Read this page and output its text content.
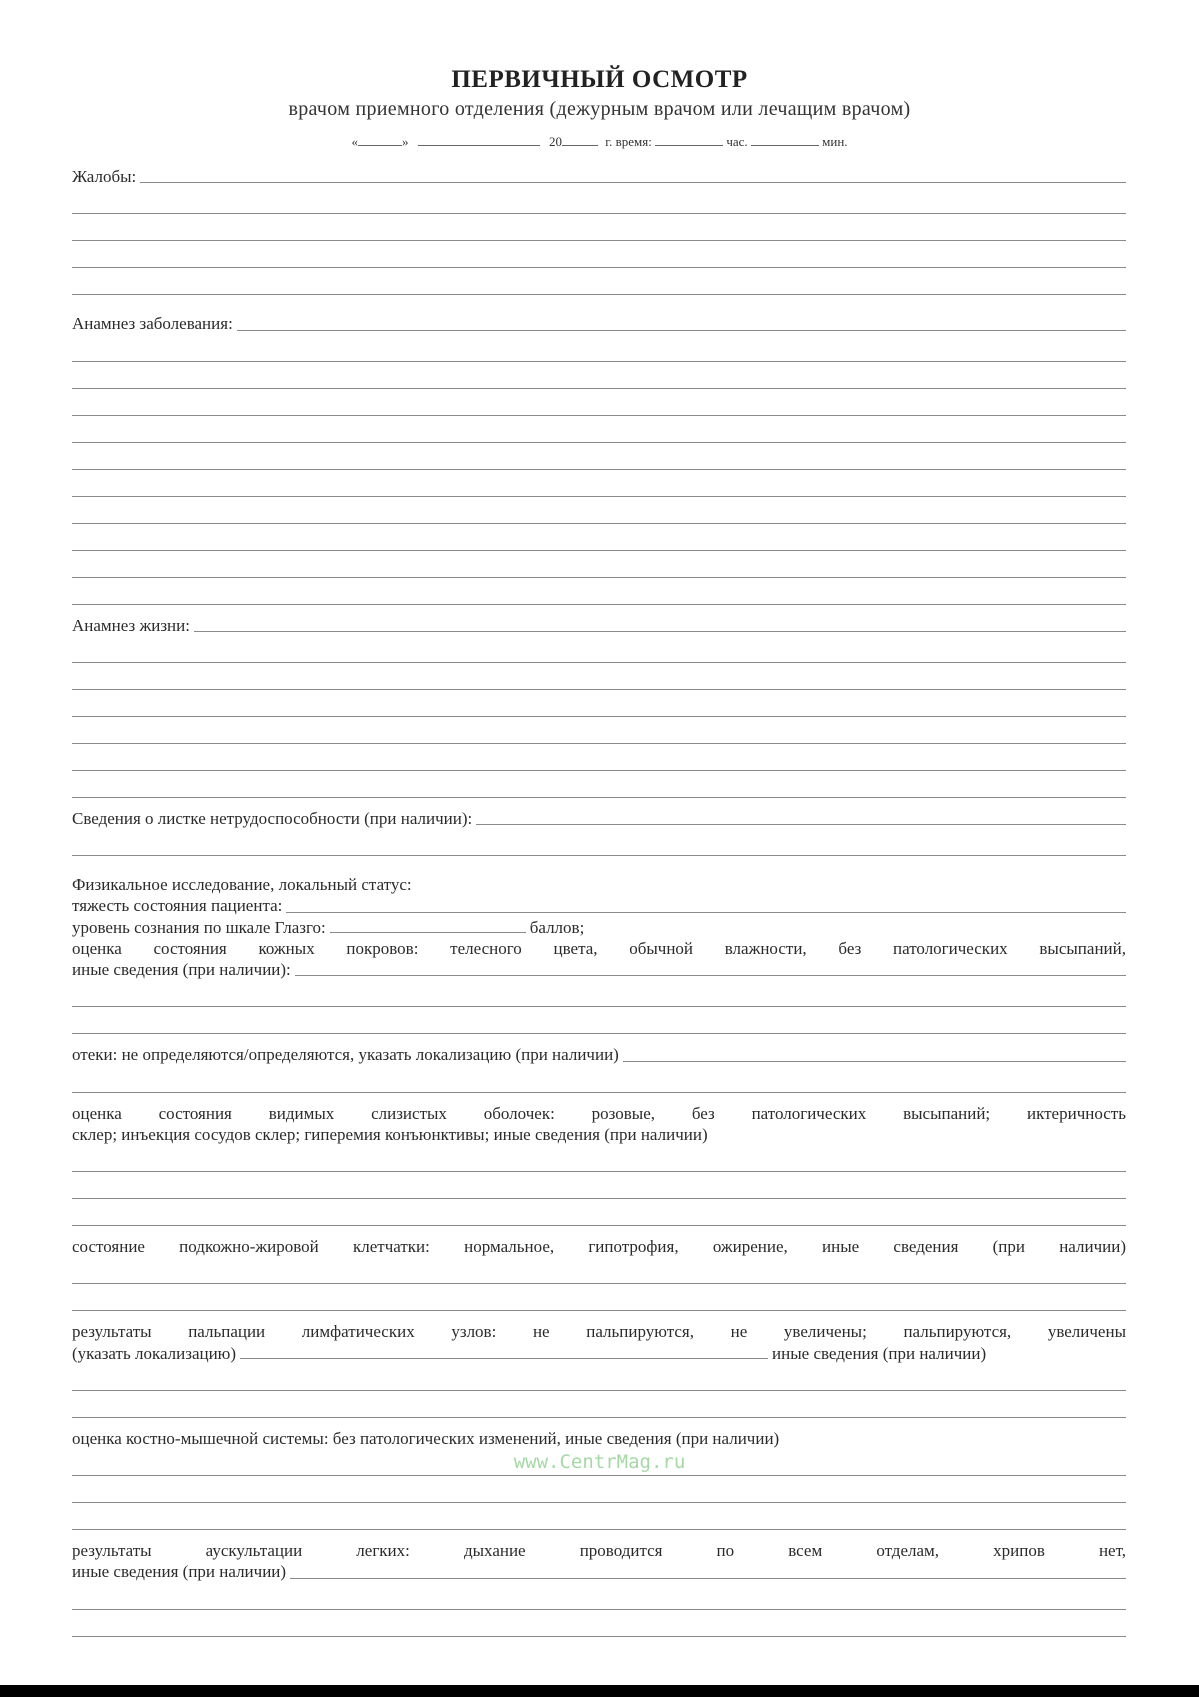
ПЕРВИЧНЫЙ ОСМОТР
врачом приемного отделения (дежурным врачом или лечащим врачом)
«	»	20	г. время:	час.	мин.
Жалобы:
Анамнез заболевания:
Анамнез жизни:
Сведения о листке нетрудоспособности (при наличии):
Физикальное исследование, локальный статус:
тяжесть состояния пациента:
уровень сознания по шкале Глазго:	баллов;
оценка состояния кожных покровов: телесного цвета, обычной влажности, без патологических высыпаний,
иные сведения (при наличии):
отеки: не определяются/определяются, указать локализацию (при наличии)
оценка состояния видимых слизистых оболочек: розовые, без патологических высыпаний; иктеричность
склер; инъекция сосудов склер; гиперемия конъюнктивы; иные сведения (при наличии)
состояние подкожно-жировой клетчатки: нормальное, гипотрофия, ожирение, иные сведения (при наличии)
результаты пальпации лимфатических узлов: не пальпируются, не увеличены; пальпируются, увеличены
(указать локализацию)	иные сведения (при наличии)
оценка костно-мышечной системы: без патологических изменений, иные сведения (при наличии)
результаты аускультации легких: дыхание проводится по всем отделам, хрипов нет,
иные сведения (при наличии)
www.CentrMag.ru
